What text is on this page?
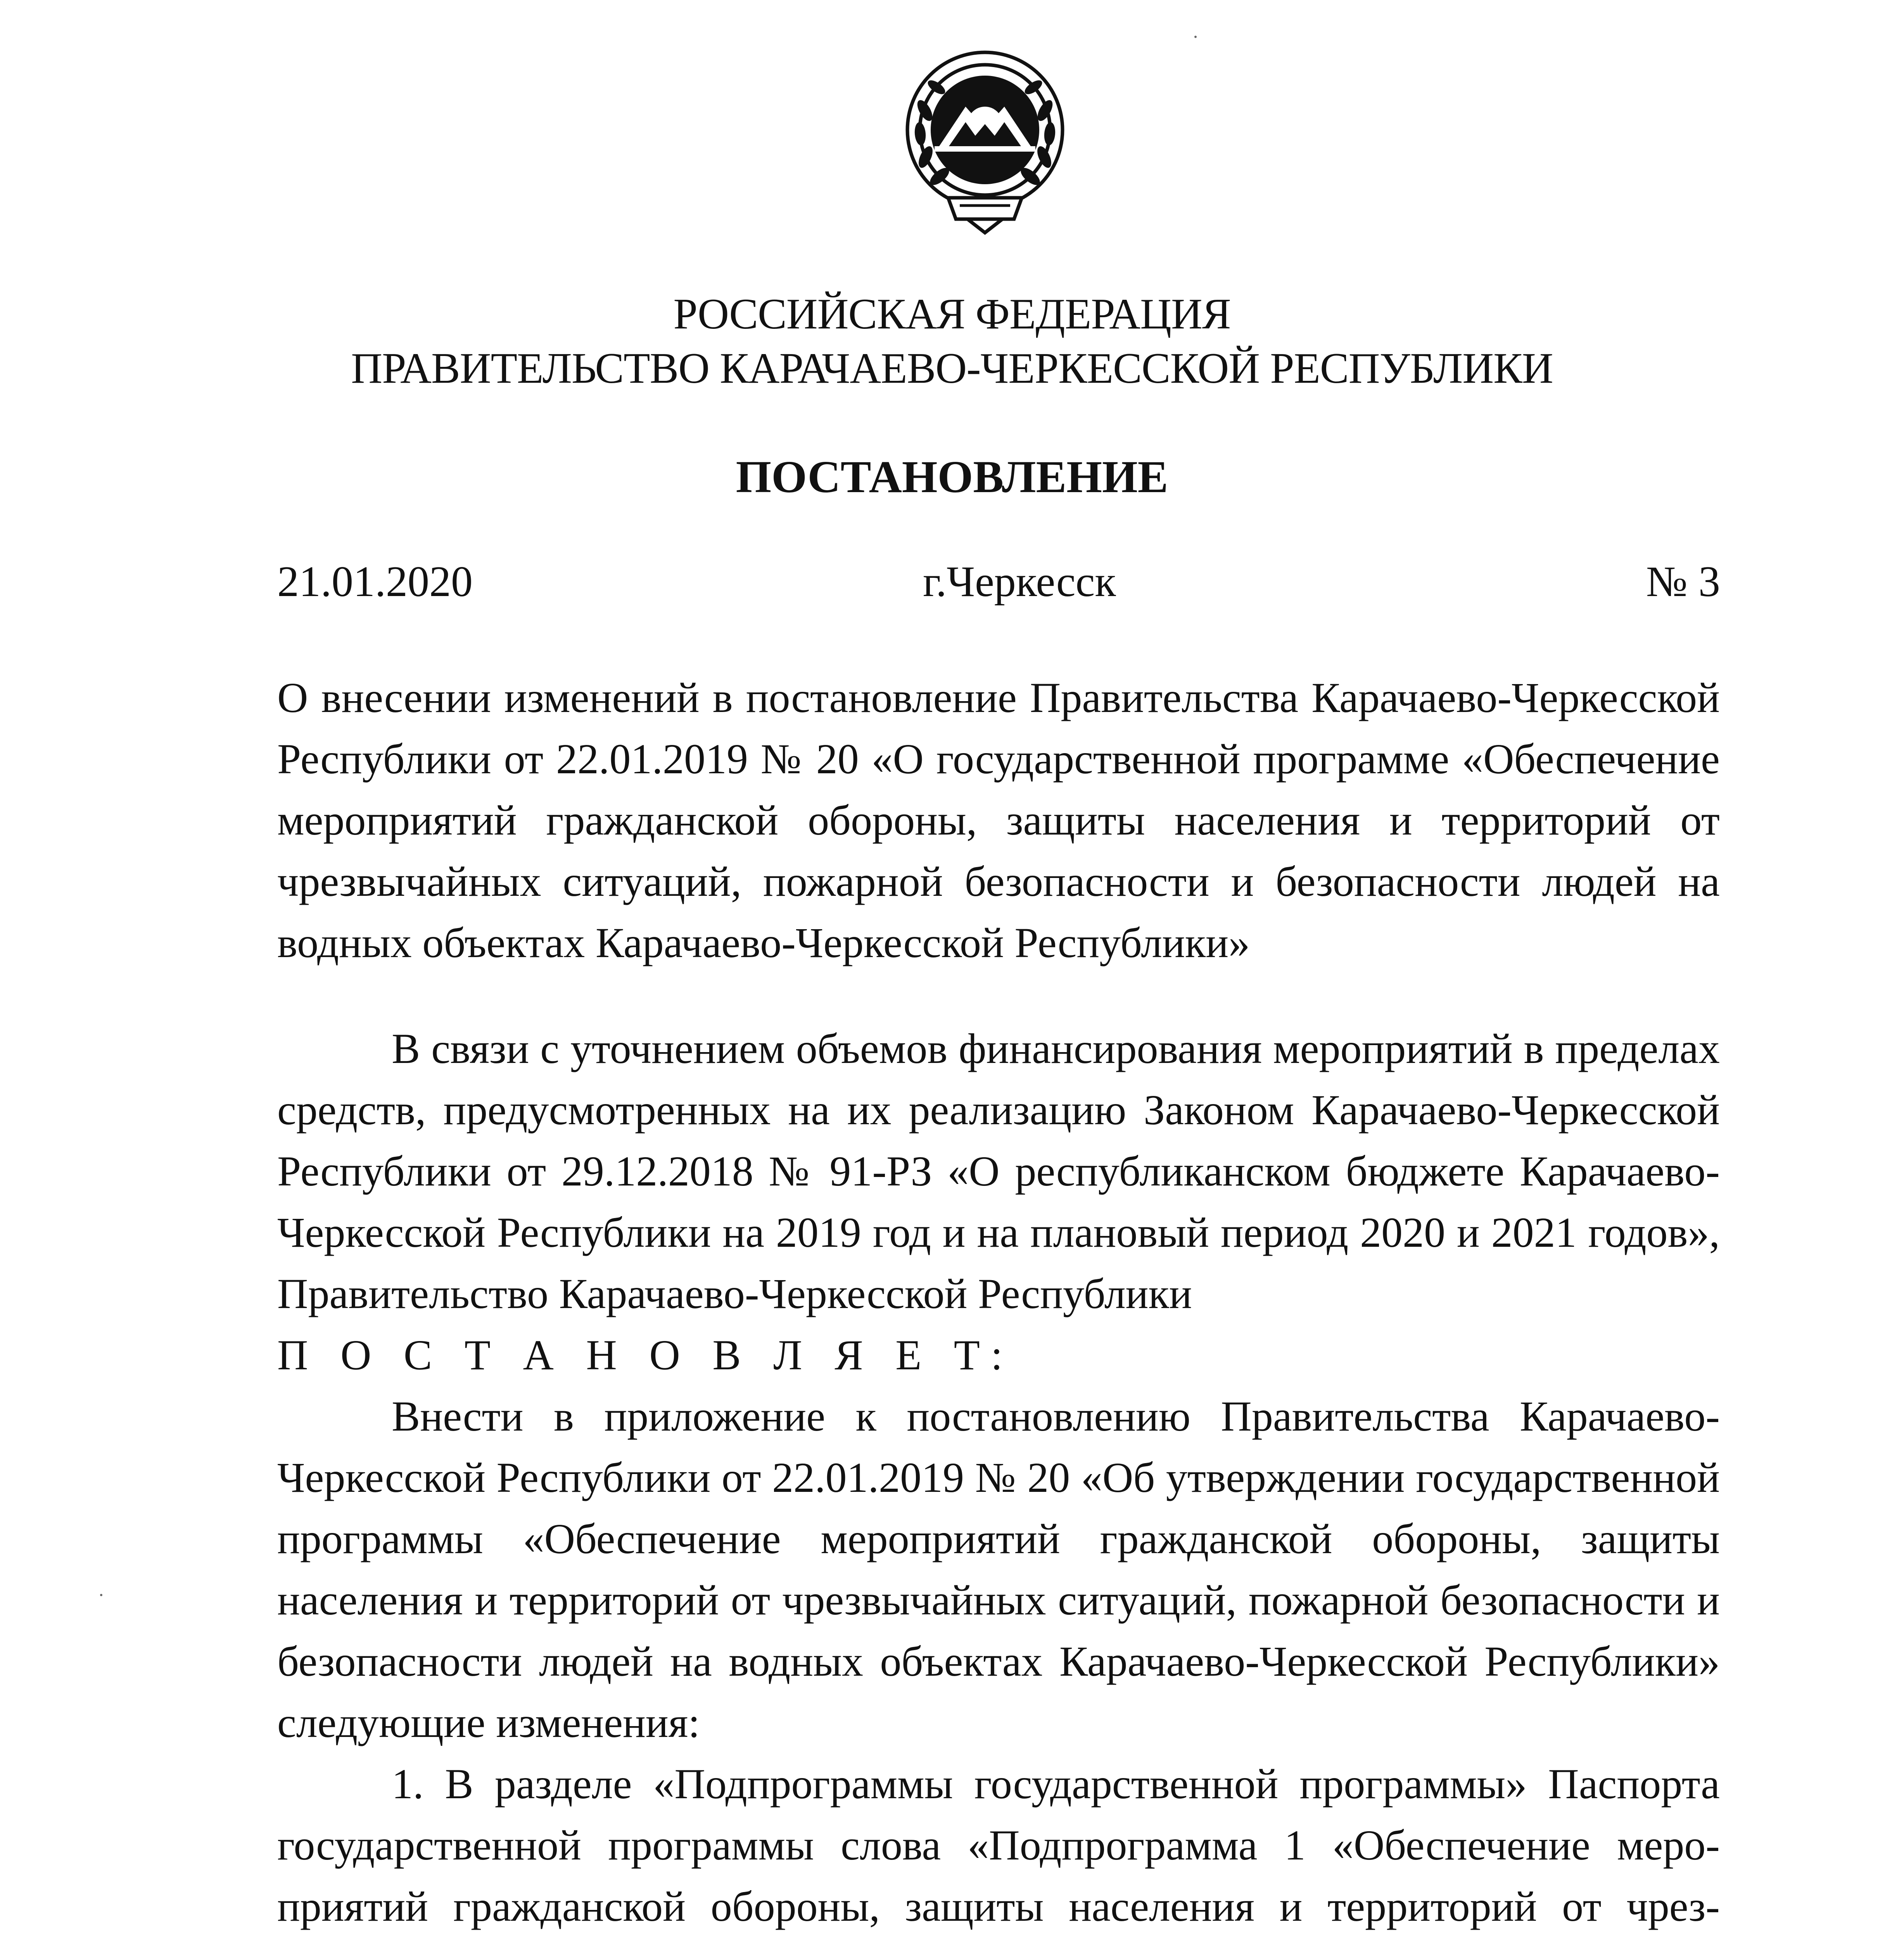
РОССИЙСКАЯ ФЕДЕРАЦИЯ
ПРАВИТЕЛЬСТВО КАРАЧАЕВО-ЧЕРКЕССКОЙ РЕСПУБЛИКИ
ПОСТАНОВЛЕНИЕ
21.01.2020	г.Черкесск	№ 3

О внесении изменений в постановление Правительства Карачаево-Черкесской Республики от 22.01.2019 № 20 «О государственной программе «Обеспечение мероприятий гражданской обороны, защиты населения и территорий от чрезвычайных ситуаций, пожарной безопасности и безопасности людей на водных объектах Карачаево-Черкесской Республики»

В связи с уточнением объемов финансирования мероприятий в пределах средств, предусмотренных на их реализацию Законом Карачаево-Черкесской Республики от 29.12.2018 № 91-РЗ «О республиканском бюджете Карачаево-Черкесской Республики на 2019 год и на плановый период 2020 и 2021 годов», Правительство Карачаево-Черкесской Республики

П О С Т А Н О В Л Я Е Т:

Внести в приложение к постановлению Правительства Карачаево-Черкесской Республики от 22.01.2019 № 20 «Об утверждении государственной программы «Обеспечение мероприятий гражданской обороны, защиты населения и территорий от чрезвычайных ситуаций, пожарной безопасности и безопасности людей на водных объектах Карачаево-Черкесской Республики» следующие изменения:

1. В разделе «Подпрограммы государственной программы» Паспорта государственной программы слова «Подпрограмма 1 «Обеспечение мероприятий гражданской обороны, защиты населения и территорий от чрез
